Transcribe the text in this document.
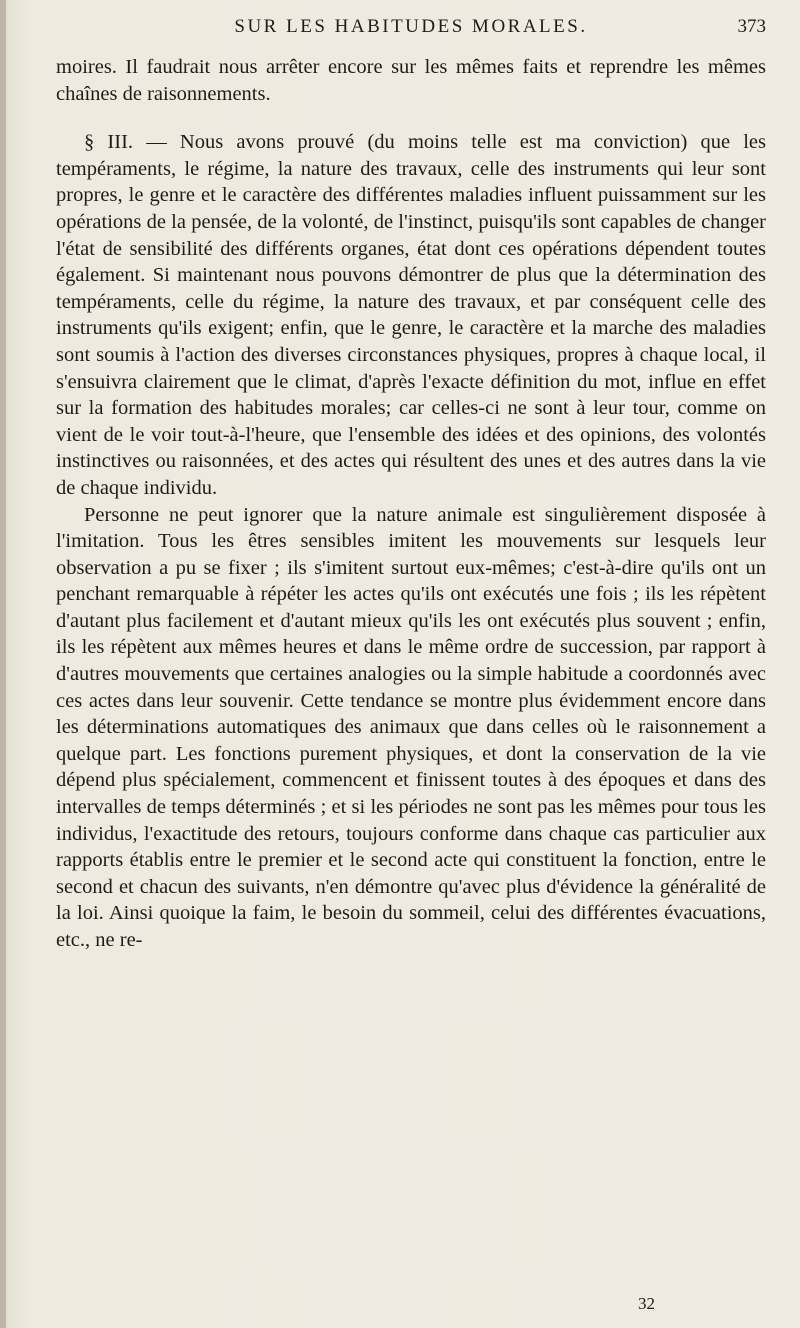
SUR LES HABITUDES MORALES.	373

moires. Il faudrait nous arrêter encore sur les mêmes faits et reprendre les mêmes chaînes de raisonnements.

§ III. — Nous avons prouvé (du moins telle est ma conviction) que les tempéraments, le régime, la nature des travaux, celle des instruments qui leur sont propres, le genre et le caractère des différentes maladies influent puissamment sur les opérations de la pensée, de la volonté, de l'instinct, puisqu'ils sont capables de changer l'état de sensibilité des différents organes, état dont ces opérations dépendent toutes également. Si maintenant nous pouvons démontrer de plus que la détermination des tempéraments, celle du régime, la nature des travaux, et par conséquent celle des instruments qu'ils exigent; enfin, que le genre, le caractère et la marche des maladies sont soumis à l'action des diverses circonstances physiques, propres à chaque local, il s'ensuivra clairement que le climat, d'après l'exacte définition du mot, influe en effet sur la formation des habitudes morales; car celles-ci ne sont à leur tour, comme on vient de le voir tout-à-l'heure, que l'ensemble des idées et des opinions, des volontés instinctives ou raisonnées, et des actes qui résultent des unes et des autres dans la vie de chaque individu.

Personne ne peut ignorer que la nature animale est singulièrement disposée à l'imitation. Tous les êtres sensibles imitent les mouvements sur lesquels leur observation a pu se fixer ; ils s'imitent surtout eux-mêmes; c'est-à-dire qu'ils ont un penchant remarquable à répéter les actes qu'ils ont exécutés une fois ; ils les répètent d'autant plus facilement et d'autant mieux qu'ils les ont exécutés plus souvent ; enfin, ils les répètent aux mêmes heures et dans le même ordre de succession, par rapport à d'autres mouvements que certaines analogies ou la simple habitude a coordonnés avec ces actes dans leur souvenir. Cette tendance se montre plus évidemment encore dans les déterminations automatiques des animaux que dans celles où le raisonnement a quelque part. Les fonctions purement physiques, et dont la conservation de la vie dépend plus spécialement, commencent et finissent toutes à des époques et dans des intervalles de temps déterminés ; et si les périodes ne sont pas les mêmes pour tous les individus, l'exactitude des retours, toujours conforme dans chaque cas particulier aux rapports établis entre le premier et le second acte qui constituent la fonction, entre le second et chacun des suivants, n'en démontre qu'avec plus d'évidence la généralité de la loi. Ainsi quoique la faim, le besoin du sommeil, celui des différentes évacuations, etc., ne re-

32
